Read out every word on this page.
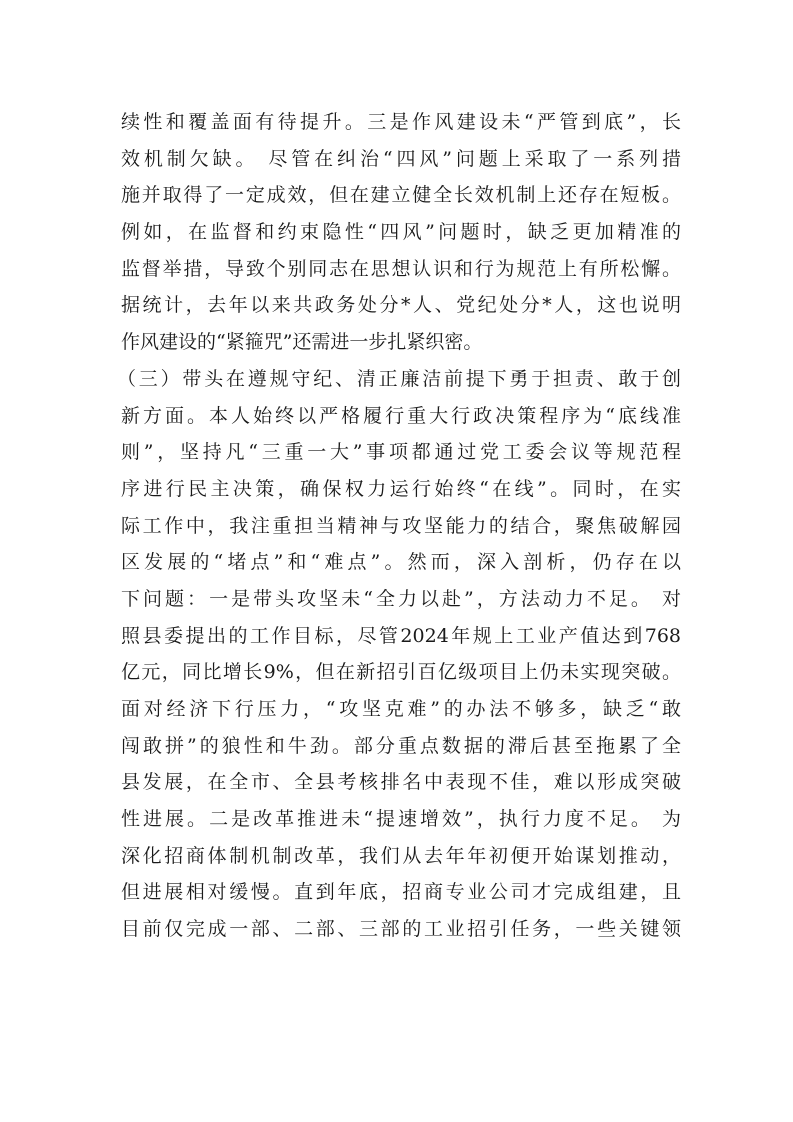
续性和覆盖面有待提升。三是作风建设未“严管到底”，长
效机制欠缺。 尽管在纠治“四风”问题上采取了一系列措
施并取得了一定成效，但在建立健全长效机制上还存在短板。
例如，在监督和约束隐性“四风”问题时，缺乏更加精准的
监督举措，导致个别同志在思想认识和行为规范上有所松懈。
据统计，去年以来共政务处分*人、党纪处分*人，这也说明
作风建设的“紧箍咒”还需进一步扎紧织密。
（三）带头在遵规守纪、清正廉洁前提下勇于担责、敢于创
新方面。本人始终以严格履行重大行政决策程序为“底线准
则”，坚持凡“三重一大”事项都通过党工委会议等规范程
序进行民主决策，确保权力运行始终“在线”。同时，在实
际工作中，我注重担当精神与攻坚能力的结合，聚焦破解园
区发展的“堵点”和“难点”。然而，深入剖析，仍存在以
下问题：一是带头攻坚未“全力以赴”，方法动力不足。 对
照县委提出的工作目标，尽管2024年规上工业产值达到768
亿元，同比增长9%，但在新招引百亿级项目上仍未实现突破。
面对经济下行压力，“攻坚克难”的办法不够多，缺乏“敢
闯敢拼”的狼性和牛劲。部分重点数据的滞后甚至拖累了全
县发展，在全市、全县考核排名中表现不佳，难以形成突破
性进展。二是改革推进未“提速增效”，执行力度不足。 为
深化招商体制机制改革，我们从去年年初便开始谋划推动，
但进展相对缓慢。直到年底，招商专业公司才完成组建，且
目前仅完成一部、二部、三部的工业招引任务，一些关键领
